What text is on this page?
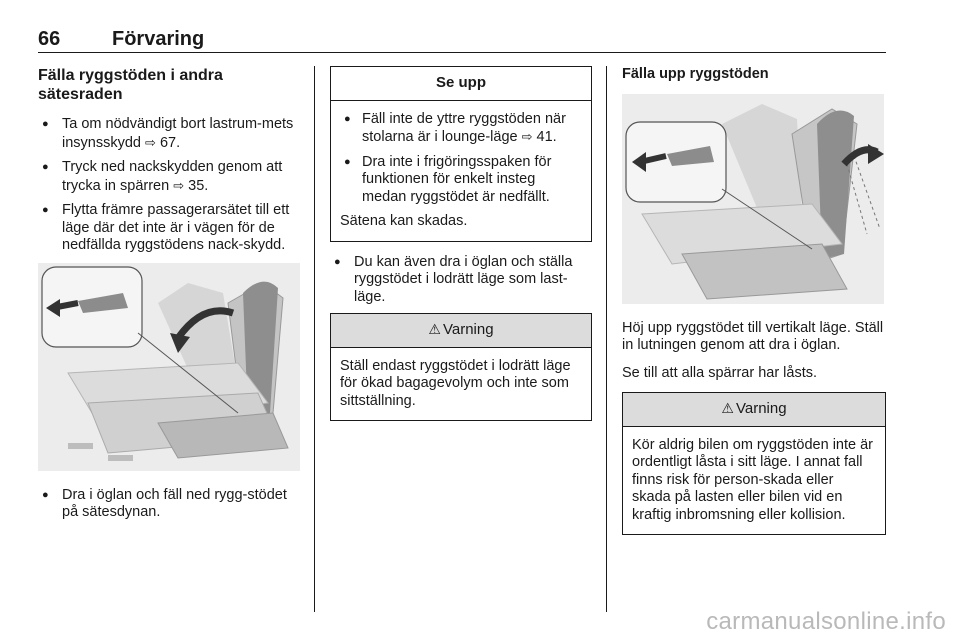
66	Förvaring
Fälla ryggstöden i andra sätesraden
● Ta om nödvändigt bort lastrum-mets insynsskydd ⇨ 67.
● Tryck ned nackskydden genom att trycka in spärren ⇨ 35.
● Flytta främre passagerarsätet till ett läge där det inte är i vägen för de nedfällda ryggstödens nack-skydd.
● Dra i öglan och fäll ned rygg-stödet på sätesdynan.
Se upp
● Fäll inte de yttre ryggstöden när stolarna är i lounge-läge ⇨ 41.
● Dra inte i frigöringsspaken för funktionen för enkelt insteg medan ryggstödet är nedfällt.

Sätena kan skadas.

● Du kan även dra i öglan och ställa ryggstödet i lodrätt läge som last-läge.
⚠ Varning
Ställ endast ryggstödet i lodrätt läge för ökad bagagevolym och inte som sittställning.
Fälla upp ryggstöden

Höj upp ryggstödet till vertikalt läge. Ställ in lutningen genom att dra i öglan.

Se till att alla spärrar har låsts.

⚠ Varning
Kör aldrig bilen om ryggstöden inte är ordentligt låsta i sitt läge. I annat fall finns risk för person-skada eller skada på lasten eller bilen vid en kraftig inbromsning eller kollision.
carmanualsonline.info
